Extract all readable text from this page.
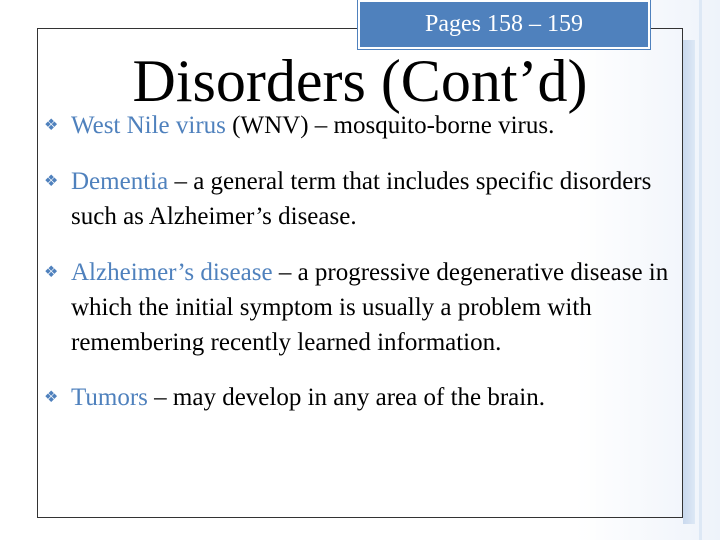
Pages 158 – 159
Disorders (Cont’d)
❖ West Nile virus (WNV) – mosquito-borne virus.
❖ Dementia – a general term that includes specific disorders such as Alzheimer’s disease.
❖ Alzheimer’s disease – a progressive degenerative disease in which the initial symptom is usually a problem with remembering recently learned information.
❖ Tumors – may develop in any area of the brain.
